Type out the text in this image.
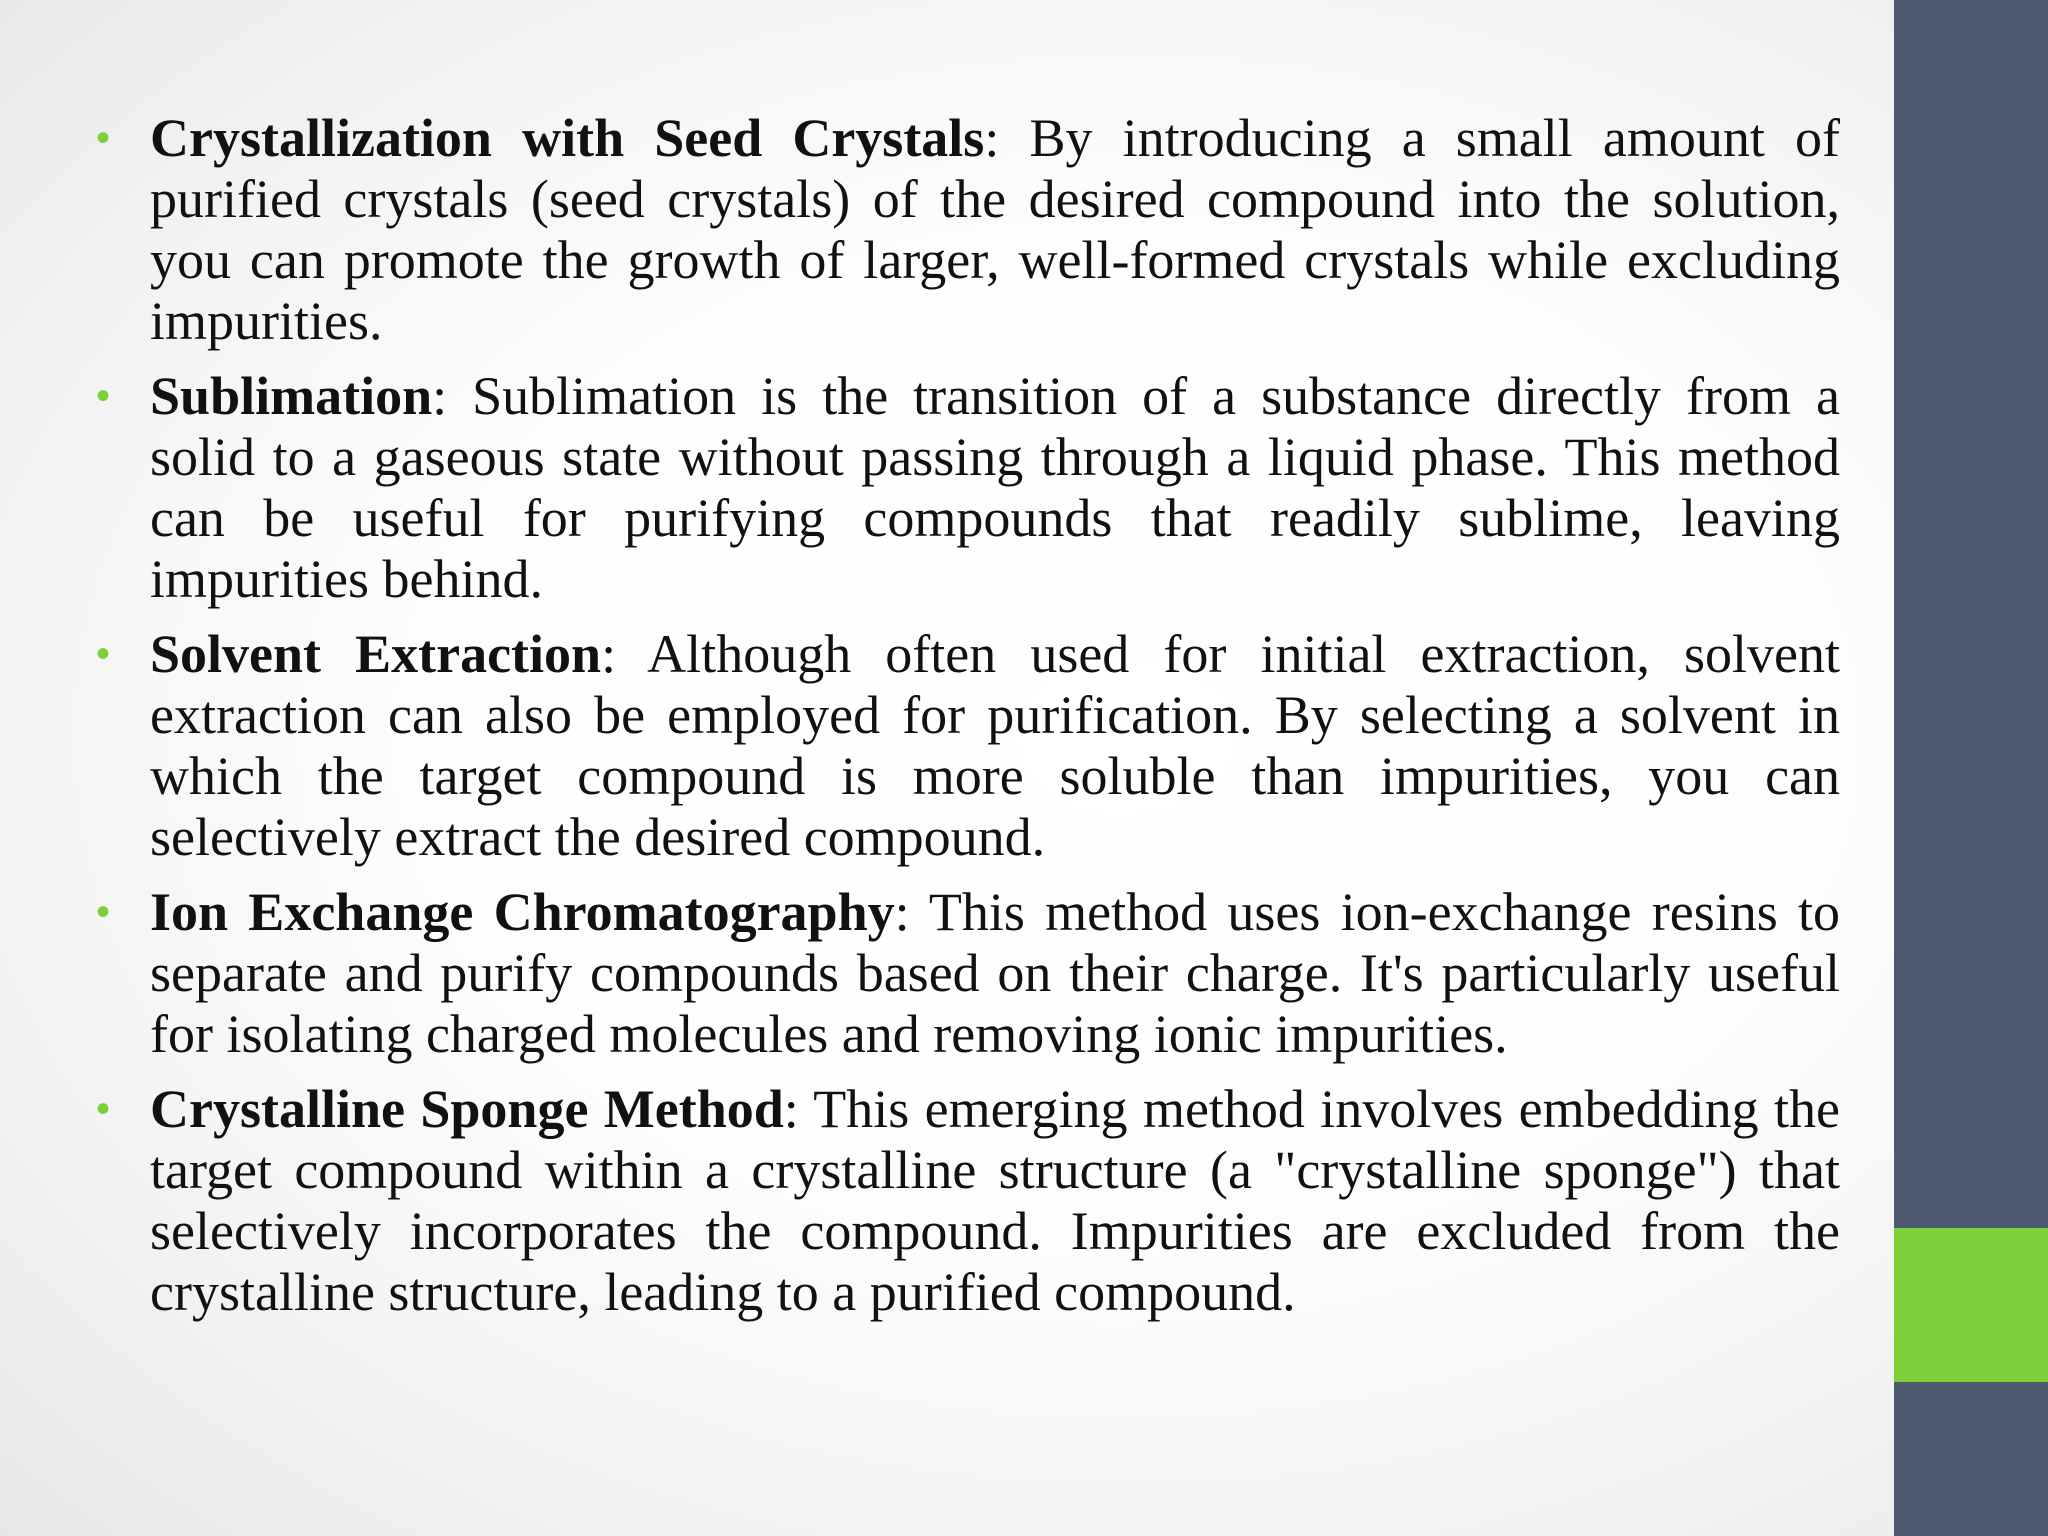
• Crystallization with Seed Crystals: By introducing a small amount of purified crystals (seed crystals) of the desired compound into the solution, you can promote the growth of larger, well-formed crystals while excluding impurities.
• Sublimation: Sublimation is the transition of a substance directly from a solid to a gaseous state without passing through a liquid phase. This method can be useful for purifying compounds that readily sublime, leaving impurities behind.
• Solvent Extraction: Although often used for initial extraction, solvent extraction can also be employed for purification. By selecting a solvent in which the target compound is more soluble than impurities, you can selectively extract the desired compound.
• Ion Exchange Chromatography: This method uses ion-exchange resins to separate and purify compounds based on their charge. It's particularly useful for isolating charged molecules and removing ionic impurities.
• Crystalline Sponge Method: This emerging method involves embedding the target compound within a crystalline structure (a "crystalline sponge") that selectively incorporates the compound. Impurities are excluded from the crystalline structure, leading to a purified compound.
